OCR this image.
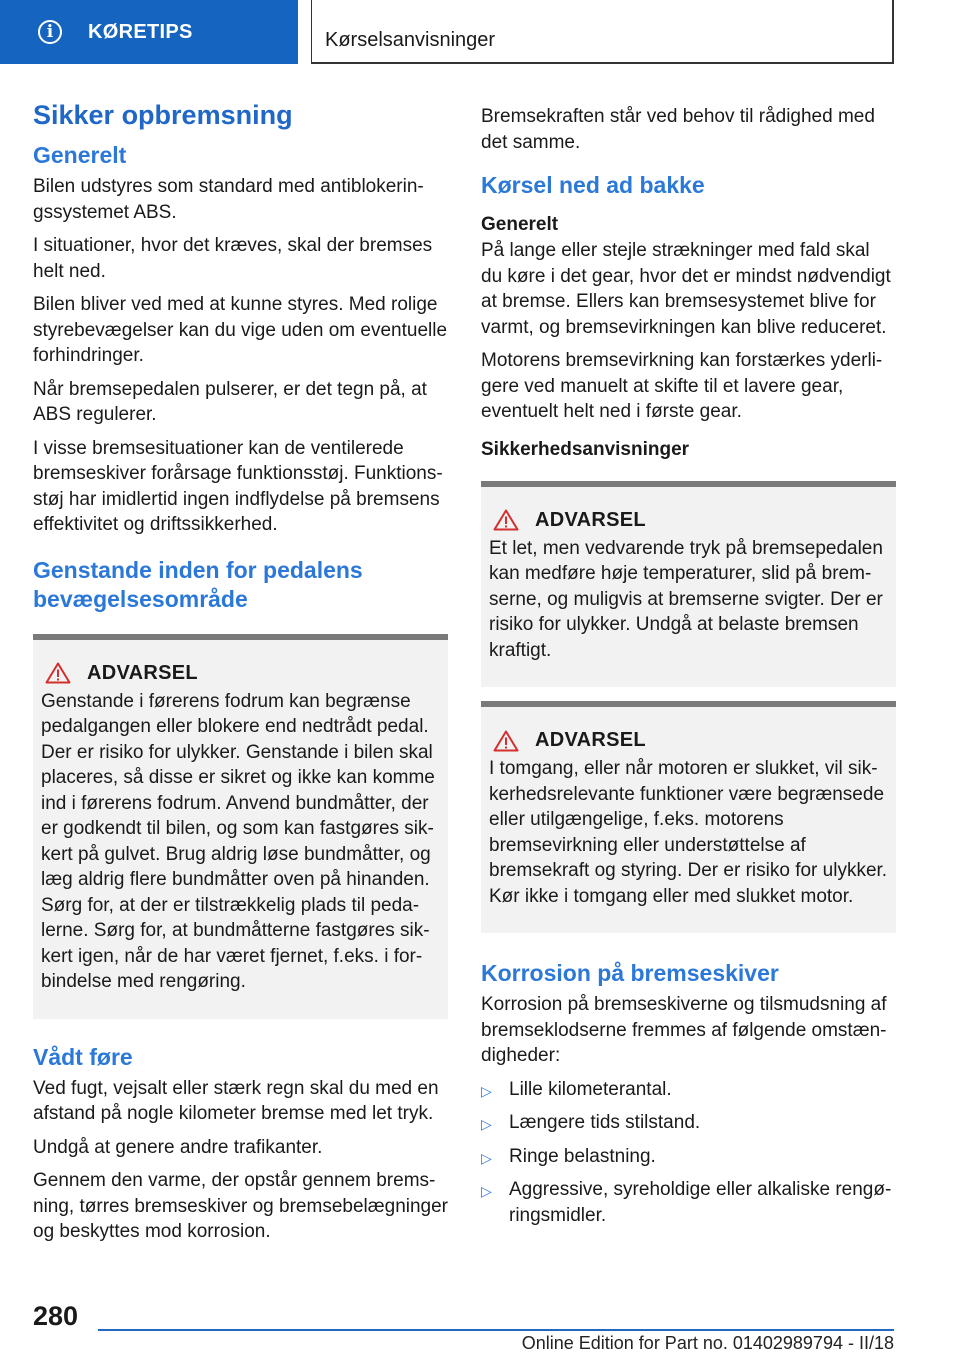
i	KØRETIPS	Kørselsanvisninger
Sikker opbremsning
Generelt

Bilen udstyres som standard med antiblokeringssystemet ABS.

I situationer, hvor det kræves, skal der bremses helt ned.

Bilen bliver ved med at kunne styres. Med rolige styrebevægelser kan du vige uden om eventuelle forhindringer.

Når bremsepedalen pulserer, er det tegn på, at ABS regulerer.

I visse bremsesituationer kan de ventilerede bremseskiver forårsage funktionsstøj. Funktionsstøj har imidlertid ingen indflydelse på bremsens effektivitet og driftssikkerhed.

Genstande inden for pedalens bevægelsesområde
ADVARSEL

Genstande i førerens fodrum kan begrænse pedalgangen eller blokere end nedtrådt pedal. Der er risiko for ulykker. Genstande i bilen skal placeres, så disse er sikret og ikke kan komme ind i førerens fodrum. Anvend bundmåtter, der er godkendt til bilen, og som kan fastgøres sikkert på gulvet. Brug aldrig løse bundmåtter, og læg aldrig flere bundmåtter oven på hinanden. Sørg for, at der er tilstrækkelig plads til pedalerne. Sørg for, at bundmåtterne fastgøres sikkert igen, når de har været fjernet, f.eks. i forbindelse med rengøring.

Vådt føre

Ved fugt, vejsalt eller stærk regn skal du med en afstand på nogle kilometer bremse med let tryk.

Undgå at genere andre trafikanter.

Gennem den varme, der opstår gennem bremsning, tørres bremseskiver og bremsebelægninger og beskyttes mod korrosion.

Bremsekraften står ved behov til rådighed med det samme.

Kørsel ned ad bakke
Generelt

På lange eller stejle strækninger med fald skal du køre i det gear, hvor det er mindst nødvendigt at bremse. Ellers kan bremsesystemet blive for varmt, og bremsevirkningen kan blive reduceret.

Motorens bremsevirkning kan forstærkes yderligere ved manuelt at skifte til et lavere gear, eventuelt helt ned i første gear.

Sikkerhedsanvisninger
ADVARSEL

Et let, men vedvarende tryk på bremsepedalen kan medføre høje temperaturer, slid på bremserne, og muligvis at bremserne svigter. Der er risiko for ulykker. Undgå at belaste bremsen kraftigt.

ADVARSEL

I tomgang, eller når motoren er slukket, vil sikkerhedsrelevante funktioner være begrænsede eller utilgængelige, f.eks. motorens bremsevirkning eller understøttelse af bremsekraft og styring. Der er risiko for ulykker. Kør ikke i tomgang eller med slukket motor.

Korrosion på bremseskiver

Korrosion på bremseskiverne og tilsmudsning af bremseklodserne fremmes af følgende omstændigheder:

▷ Lille kilometerantal.
▷ Længere tids stilstand.
▷ Ringe belastning.
▷ Aggressive, syreholdige eller alkaliske rengøringsmidler.
280
Online Edition for Part no. 01402989794 - II/18
